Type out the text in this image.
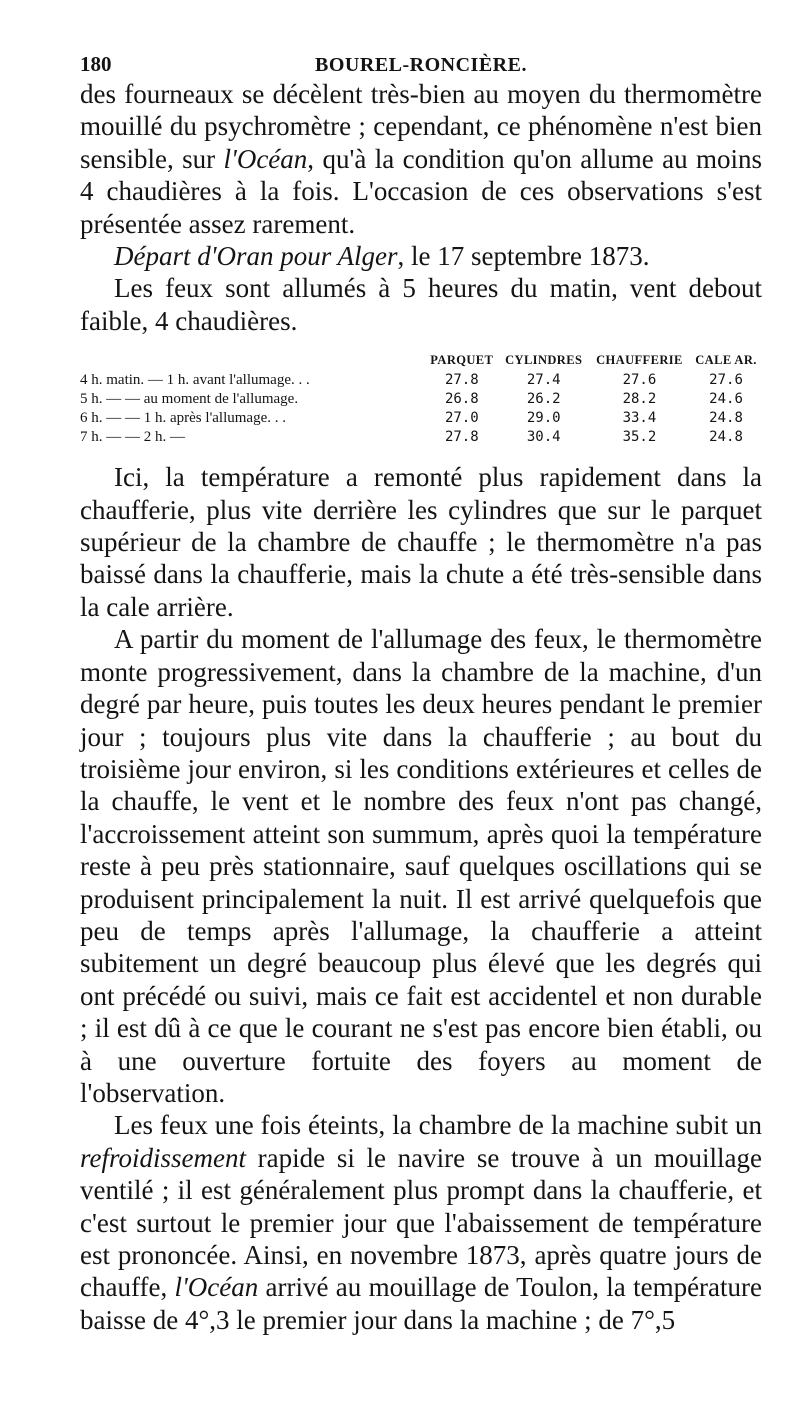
180	BOUREL-RONCIÈRE.

des fourneaux se décèlent très-bien au moyen du thermomètre mouillé du psychromètre ; cependant, ce phénomène n'est bien sensible, sur l'Océan, qu'à la condition qu'on allume au moins 4 chaudières à la fois. L'occasion de ces observations s'est présentée assez rarement.

Départ d'Oran pour Alger, le 17 septembre 1873.

Les feux sont allumés à 5 heures du matin, vent debout faible, 4 chaudières.

	PARQUET	CYLINDRES	CHAUFFERIE	CALE AR.
4 h. matin. — 1 h. avant l'allumage. . .	27.8	27.4	27.6	27.6
5 h. — — au moment de l'allumage.	26.8	26.2	28.2	24.6
6 h. — — 1 h. après l'allumage. . .	27.0	29.0	33.4	24.8
7 h. — — 2 h. —	27.8	30.4	35.2	24.8

Ici, la température a remonté plus rapidement dans la chaufferie, plus vite derrière les cylindres que sur le parquet supérieur de la chambre de chauffe ; le thermomètre n'a pas baissé dans la chaufferie, mais la chute a été très-sensible dans la cale arrière.

A partir du moment de l'allumage des feux, le thermomètre monte progressivement, dans la chambre de la machine, d'un degré par heure, puis toutes les deux heures pendant le premier jour ; toujours plus vite dans la chaufferie ; au bout du troisième jour environ, si les conditions extérieures et celles de la chauffe, le vent et le nombre des feux n'ont pas changé, l'accroissement atteint son summum, après quoi la température reste à peu près stationnaire, sauf quelques oscillations qui se produisent principalement la nuit. Il est arrivé quelquefois que peu de temps après l'allumage, la chaufferie a atteint subitement un degré beaucoup plus élevé que les degrés qui ont précédé ou suivi, mais ce fait est accidentel et non durable ; il est dû à ce que le courant ne s'est pas encore bien établi, ou à une ouverture fortuite des foyers au moment de l'observation.

Les feux une fois éteints, la chambre de la machine subit un refroidissement rapide si le navire se trouve à un mouillage ventilé ; il est généralement plus prompt dans la chaufferie, et c'est surtout le premier jour que l'abaissement de température est prononcée. Ainsi, en novembre 1873, après quatre jours de chauffe, l'Océan arrivé au mouillage de Toulon, la température baisse de 4°,3 le premier jour dans la machine ; de 7°,5
